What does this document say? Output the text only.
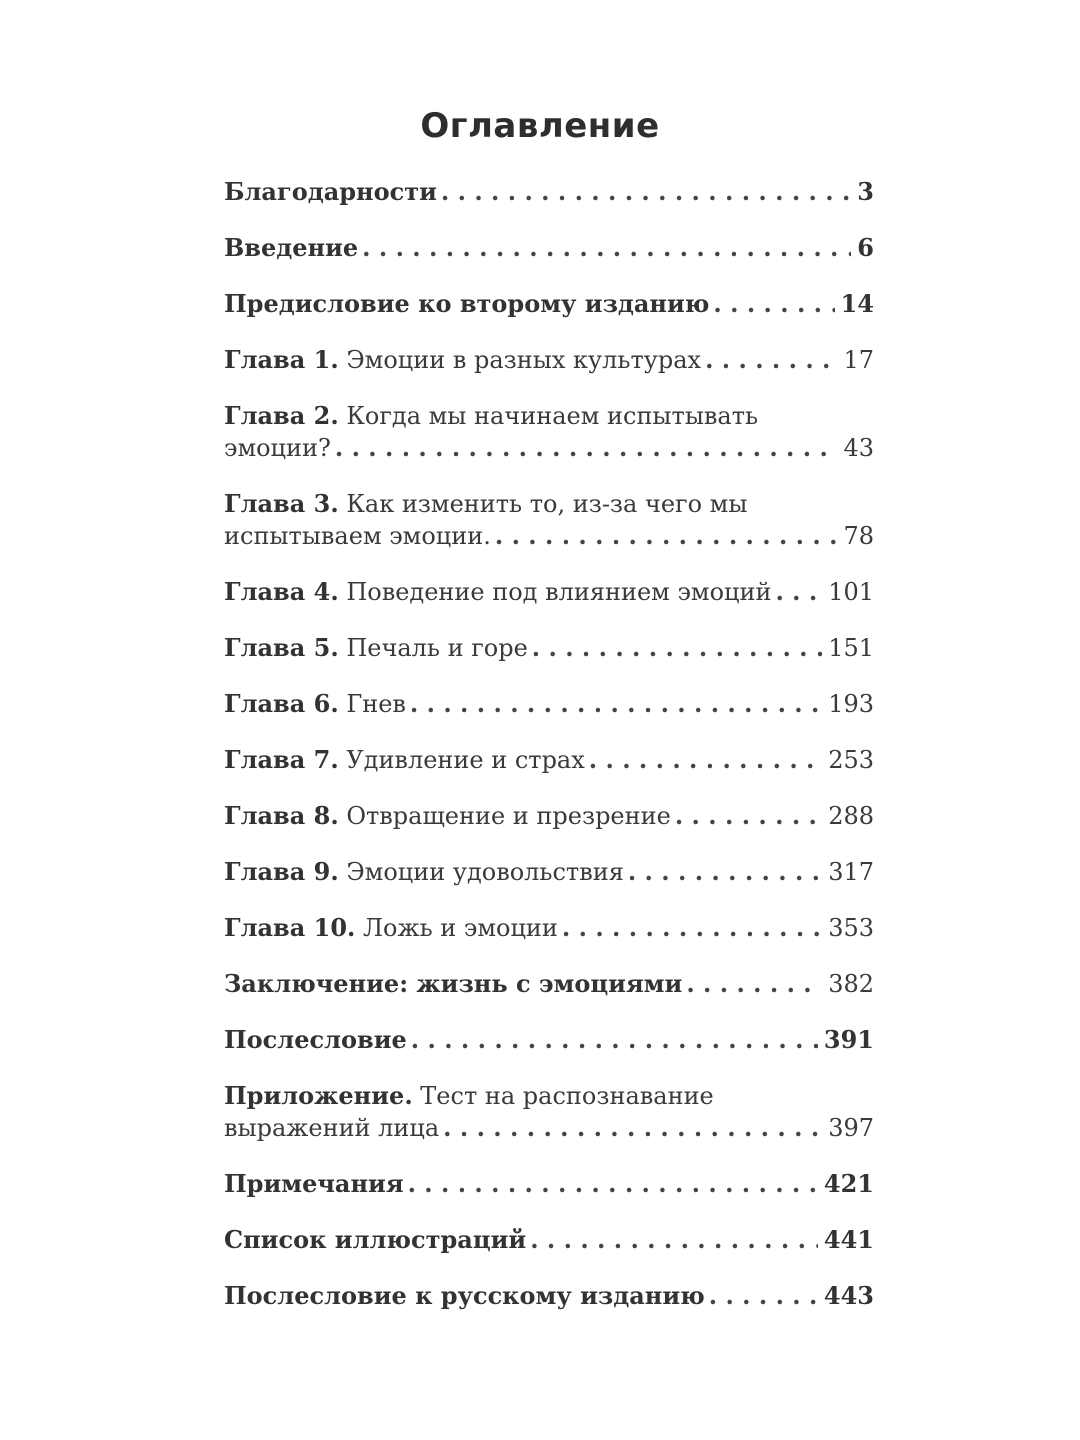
Оглавление
Благодарности . . .	3
Введение . . .	6
Предисловие ко второму изданию . . .	14
Глава 1. Эмоции в разных культурах . . .	17
Глава 2. Когда мы начинаем испытывать
эмоции? . . .	43
Глава 3. Как изменить то, из-за чего мы
испытываем эмоции. . . .	78
Глава 4. Поведение под влиянием эмоций . . . 101
Глава 5. Печаль и горе . . .	151
Глава 6. Гнев . . .	193
Глава 7. Удивление и страх . . .	253
Глава 8. Отвращение и презрение . . .	288
Глава 9. Эмоции удовольствия . . .	317
Глава 10. Ложь и эмоции . . .	353
Заключение: жизнь с эмоциями . . .	382
Послесловие . . .	391
Приложение. Тест на распознавание
выражений лица . . .	397
Примечания . . .	421
Список иллюстраций . . .	441
Послесловие к русскому изданию . . .	443
